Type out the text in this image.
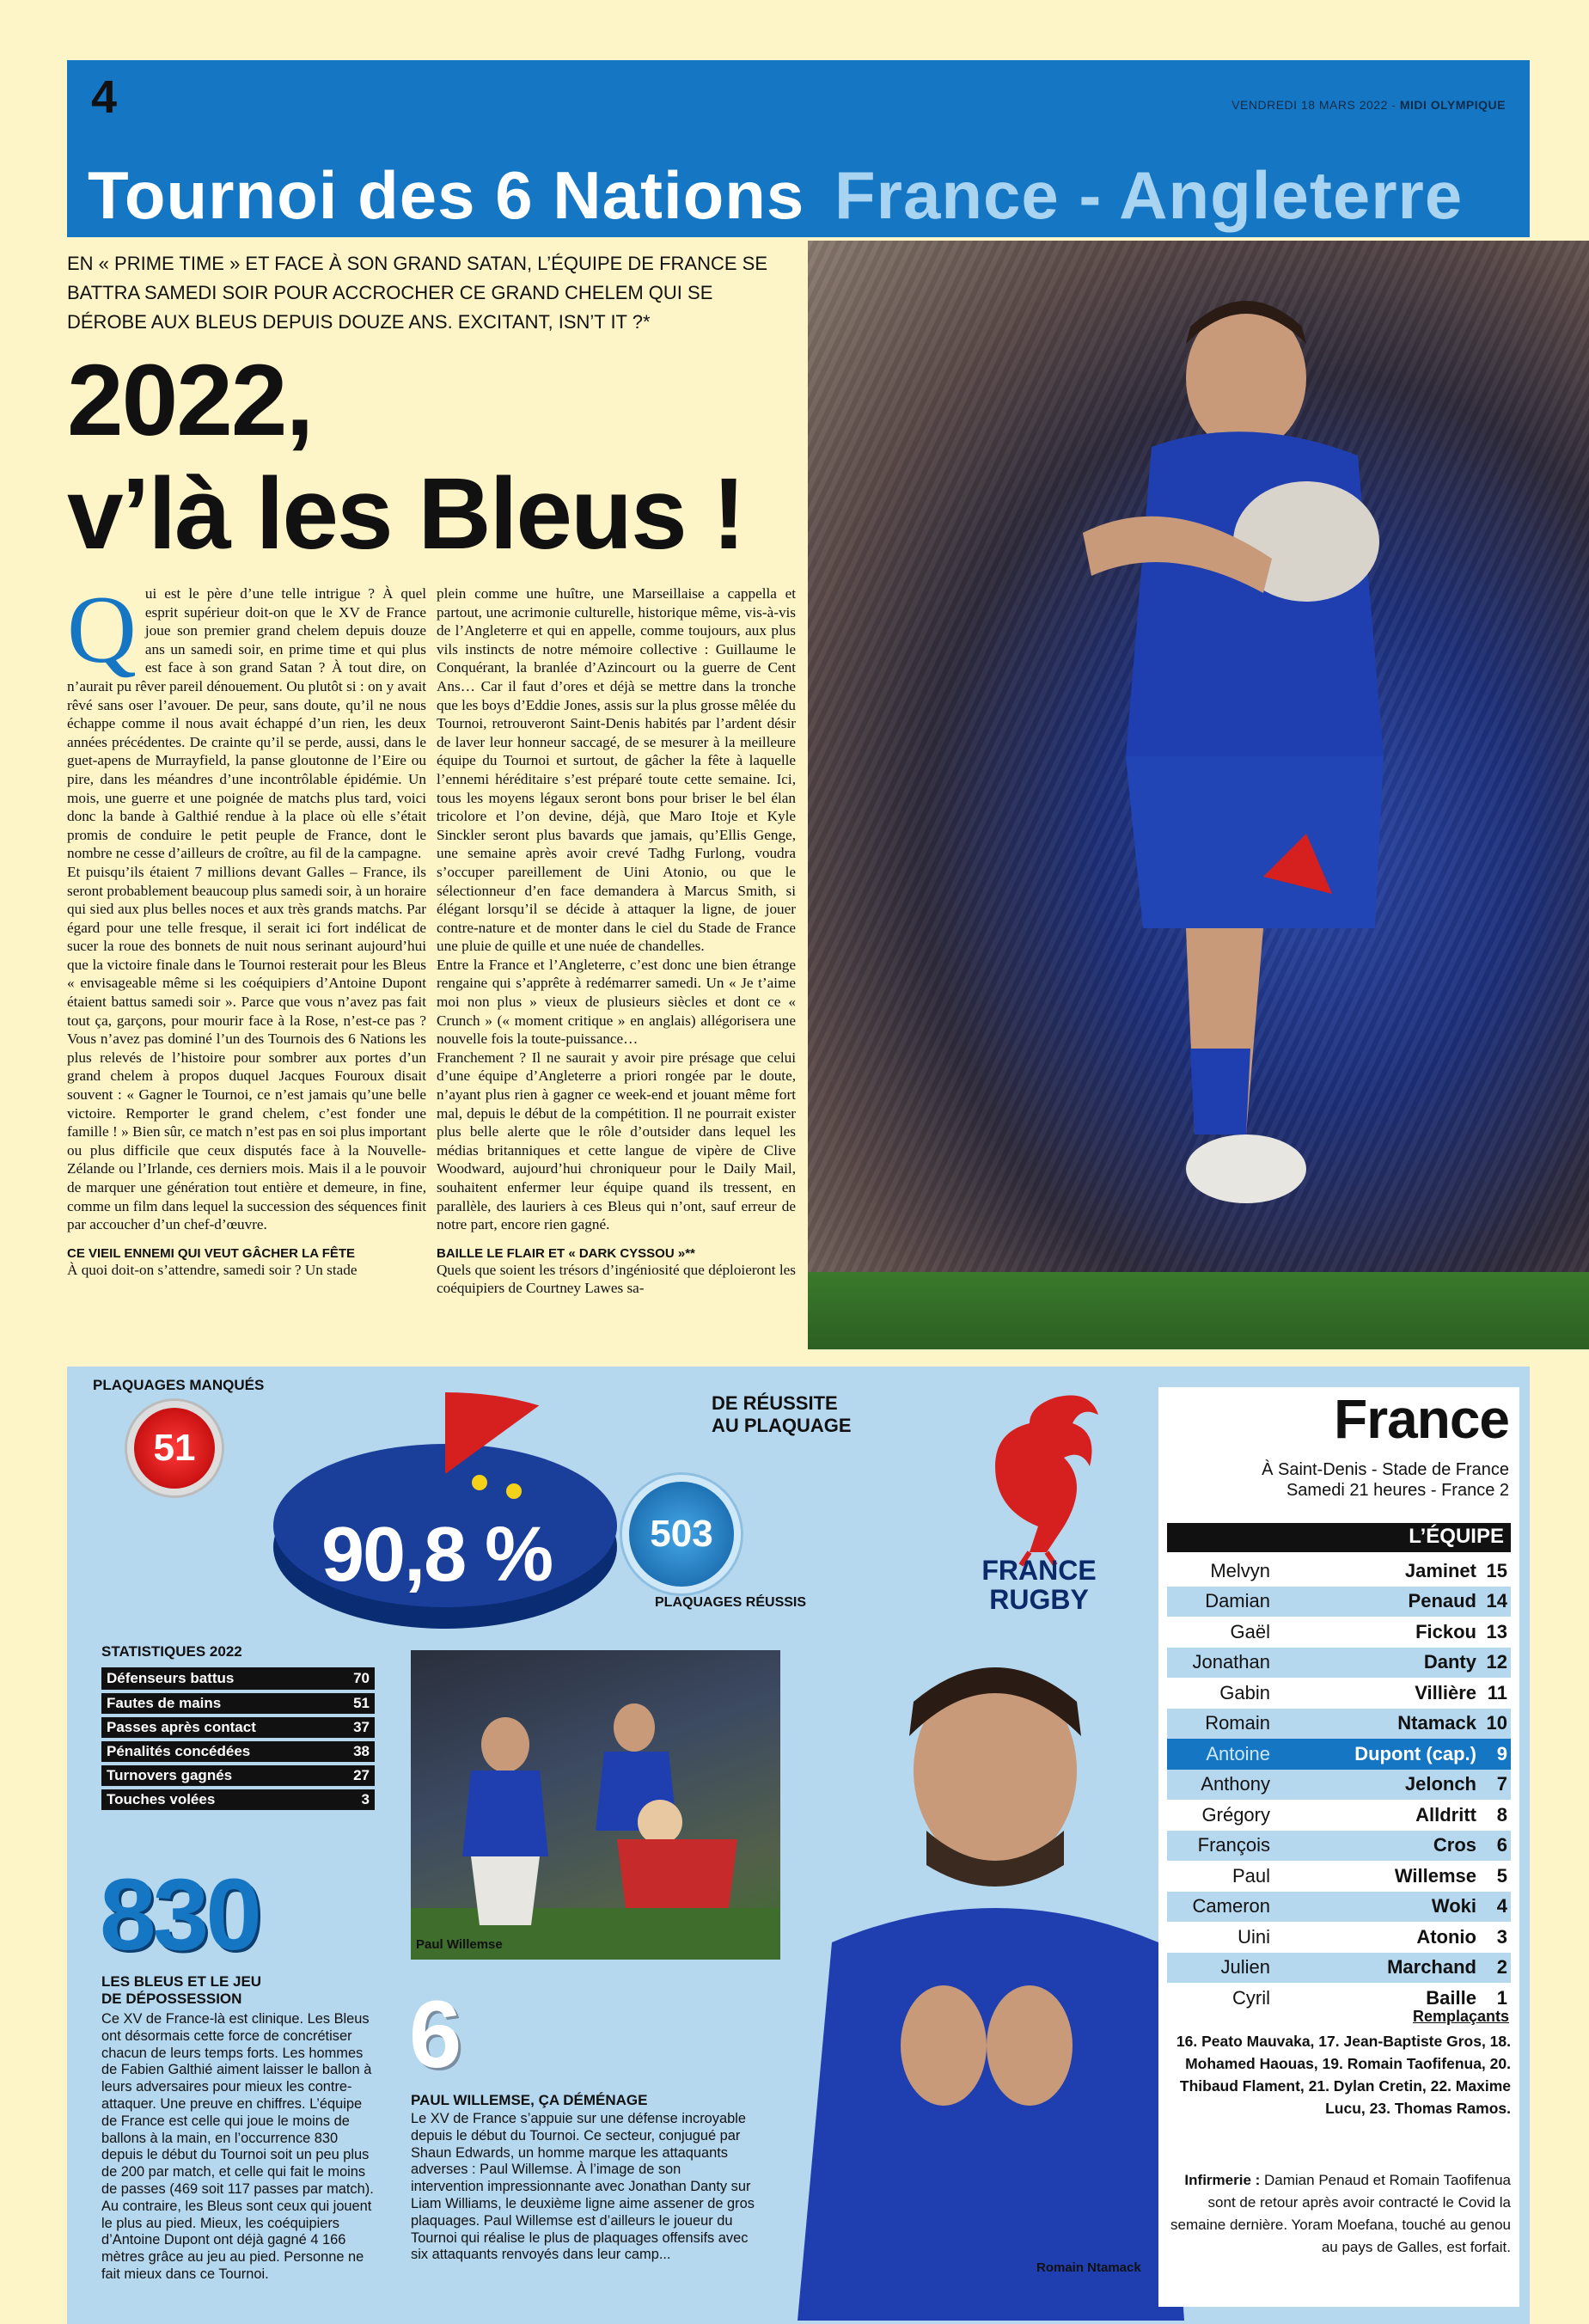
4	VENDREDI 18 MARS 2022 - MIDI OLYMPIQUE
Tournoi des 6 Nations France - Angleterre
EN « PRIME TIME » ET FACE À SON GRAND SATAN, L’ÉQUIPE DE FRANCE SE BATTRA SAMEDI SOIR POUR ACCROCHER CE GRAND CHELEM QUI SE DÉROBE AUX BLEUS DEPUIS DOUZE ANS. EXCITANT, ISN’T IT ?*
2022,
v’là les Bleus !
Q ui est le père d’une telle intrigue ? À quel esprit supérieur doit-on que le XV de France joue son premier grand chelem depuis douze ans un samedi soir, en prime time et qui plus est face à son grand Satan ? À tout dire, on n’aurait pu rêver pareil dénouement. Ou plutôt si : on y avait rêvé sans oser l’avouer. De peur, sans doute, qu’il ne nous échappe comme il nous avait échappé d’un rien, les deux années précédentes. De crainte qu’il se perde, aussi, dans le guet-apens de Murrayfield, la panse gloutonne de l’Eire ou pire, dans les méandres d’une incontrôlable épidémie. Un mois, une guerre et une poignée de matchs plus tard, voici donc la bande à Galthié rendue à la place où elle s’était promis de conduire le petit peuple de France, dont le nombre ne cesse d’ailleurs de croître, au fil de la campagne.

Et puisqu’ils étaient 7 millions devant Galles – France, ils seront probablement beaucoup plus samedi soir, à un horaire qui sied aux plus belles noces et aux très grands matchs. Par égard pour une telle fresque, il serait ici fort indélicat de sucer la roue des bonnets de nuit nous serinant aujourd’hui que la victoire finale dans le Tournoi resterait pour les Bleus « envisageable même si les coéquipiers d’Antoine Dupont étaient battus samedi soir ». Parce que vous n’avez pas fait tout ça, garçons, pour mourir face à la Rose, n’est-ce pas ? Vous n’avez pas dominé l’un des Tournois des 6 Nations les plus relevés de l’histoire pour sombrer aux portes d’un grand chelem à propos duquel Jacques Fouroux disait souvent : « Gagner le Tournoi, ce n’est jamais qu’une belle victoire. Remporter le grand chelem, c’est fonder une famille ! » Bien sûr, ce match n’est pas en soi plus important ou plus difficile que ceux disputés face à la Nouvelle-Zélande ou l’Irlande, ces derniers mois. Mais il a le pouvoir de marquer une génération tout entière et demeure, in fine, comme un film dans lequel la succession des séquences finit par accoucher d’un chef-d’œuvre.

CE VIEIL ENNEMI QUI VEUT GÂCHER LA FÊTE

À quoi doit-on s’attendre, samedi soir ? Un stade

plein comme une huître, une Marseillaise a cappella et partout, une acrimonie culturelle, historique même, vis-à-vis de l’Angleterre et qui en appelle, comme toujours, aux plus vils instincts de notre mémoire collective : Guillaume le Conquérant, la branlée d’Azincourt ou la guerre de Cent Ans… Car il faut d’ores et déjà se mettre dans la tronche que les boys d’Eddie Jones, assis sur la plus grosse mêlée du Tournoi, retrouveront Saint-Denis habités par l’ardent désir de laver leur honneur saccagé, de se mesurer à la meilleure équipe du Tournoi et surtout, de gâcher la fête à laquelle l’ennemi héréditaire s’est préparé toute cette semaine. Ici, tous les moyens légaux seront bons pour briser le bel élan tricolore et l’on devine, déjà, que Maro Itoje et Kyle Sinckler seront plus bavards que jamais, qu’Ellis Genge, une semaine après avoir crevé Tadhg Furlong, voudra s’occuper pareillement de Uini Atonio, ou que le sélectionneur d’en face demandera à Marcus Smith, si élégant lorsqu’il se décide à attaquer la ligne, de jouer contre-nature et de monter dans le ciel du Stade de France une pluie de quille et une nuée de chandelles.

Entre la France et l’Angleterre, c’est donc une bien étrange rengaine qui s’apprête à redémarrer samedi. Un « Je t’aime moi non plus » vieux de plusieurs siècles et dont ce « Crunch » (« moment critique » en anglais) allégorisera une nouvelle fois la toute-puissance…

Franchement ? Il ne saurait y avoir pire présage que celui d’une équipe d’Angleterre a priori rongée par le doute, n’ayant plus rien à gagner ce week-end et jouant même fort mal, depuis le début de la compétition. Il ne pourrait exister plus belle alerte que le rôle d’outsider dans lequel les médias britanniques et cette langue de vipère de Clive Woodward, aujourd’hui chroniqueur pour le Daily Mail, souhaitent enfermer leur équipe quand ils tressent, en parallèle, des lauriers à ces Bleus qui n’ont, sauf erreur de notre part, encore rien gagné.

BAILLE LE FLAIR ET « DARK CYSSOU »**

Quels que soient les trésors d’ingéniosité que déploieront les coéquipiers de Courtney Lawes sa-

PLAQUAGES MANQUÉS
51
90,8 %
DE RÉUSSITE
AU PLAQUAGE
503
PLAQUAGES RÉUSSIS
STATISTIQUES 2022
Défenseurs battus	70
Fautes de mains	51
Passes après contact	37
Pénalités concédées	38
Turnovers gagnés	27
Touches volées	3
830
LES BLEUS ET LE JEU
DE DÉPOSSESSION
Ce XV de France-là est clinique. Les Bleus ont désormais cette force de concrétiser chacun de leurs temps forts. Les hommes de Fabien Galthié aiment laisser le ballon à leurs adversaires pour mieux les contre-attaquer. Une preuve en chiffres. L’équipe de France est celle qui joue le moins de ballons à la main, en l’occurrence 830 depuis le début du Tournoi soit un peu plus de 200 par match, et celle qui fait le moins de passes (469 soit 117 passes par match). Au contraire, les Bleus sont ceux qui jouent le plus au pied. Mieux, les coéquipiers d’Antoine Dupont ont déjà gagné 4 166 mètres grâce au jeu au pied. Personne ne fait mieux dans ce Tournoi.
Paul Willemse
6
PAUL WILLEMSE, ÇA DÉMÉNAGE
Le XV de France s’appuie sur une défense incroyable depuis le début du Tournoi. Ce secteur, conjugué par Shaun Edwards, un homme marque les attaquants adverses : Paul Willemse. À l’image de son intervention impressionnante avec Jonathan Danty sur Liam Williams, le deuxième ligne aime assener de gros plaquages. Paul Willemse est d’ailleurs le joueur du Tournoi qui réalise le plus de plaquages offensifs avec six attaquants renvoyés dans leur camp...
Romain Ntamack
FRANCE
RUGBY
France
À Saint-Denis - Stade de France
Samedi 21 heures - France 2
L’ÉQUIPE
Melvyn	Jaminet 15
Damian	Penaud 14
Gaël	Fickou 13
Jonathan	Danty 12
Gabin	Villière 11
Romain	Ntamack 10
Antoine	Dupont (cap.)	9
Anthony	Jelonch	7
Grégory	Alldritt	8
François	Cros	6
Paul	Willemse	5
Cameron	Woki	4
Uini	Atonio	3
Julien	Marchand	2
Cyril	Baille	1
Remplaçants
16. Peato Mauvaka, 17. Jean-Baptiste Gros, 18. Mohamed Haouas, 19. Romain Taofifenua, 20. Thibaud Flament, 21. Dylan Cretin, 22. Maxime Lucu, 23. Thomas Ramos.
Infirmerie : Damian Penaud et Romain Taofifenua sont de retour après avoir contracté le Covid la semaine dernière. Yoram Moefana, touché au genou au pays de Galles, est forfait.
